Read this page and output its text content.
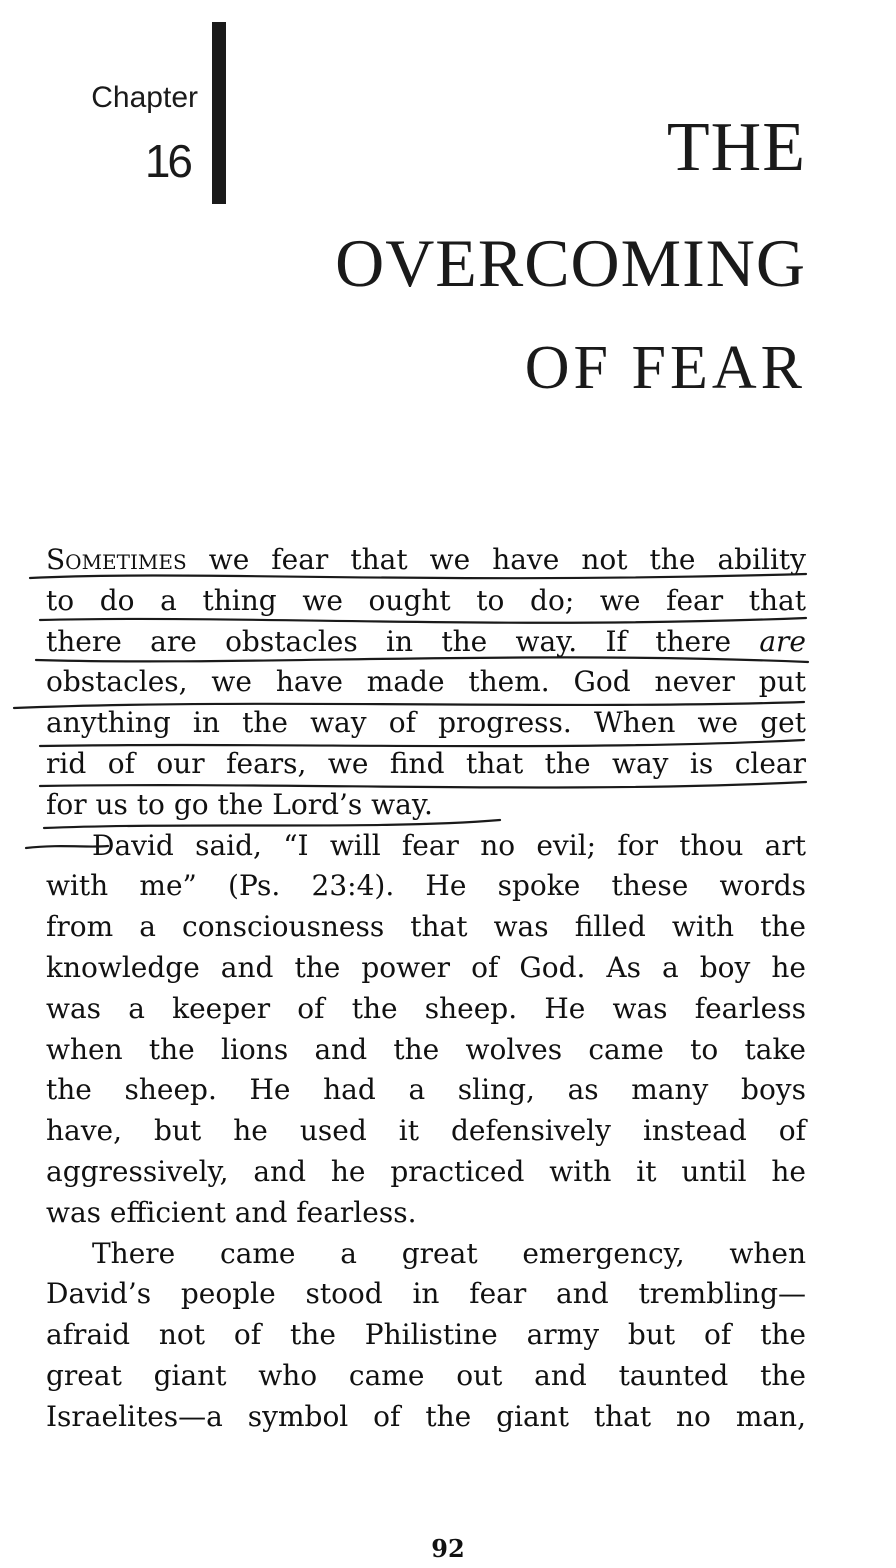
Chapter
16	THE
OVERCOMING
OF FEAR
Sometimes we fear that we have not the ability
to do a thing we ought to do; we fear that
there are obstacles in the way. If there are
obstacles, we have made them. God never put
anything in the way of progress. When we get
rid of our fears, we find that the way is clear
for us to go the Lord’s way.
David said, “I will fear no evil; for thou art
with me” (Ps. 23:4). He spoke these words
from a consciousness that was filled with the
knowledge and the power of God. As a boy he
was a keeper of the sheep. He was fearless
when the lions and the wolves came to take
the sheep. He had a sling, as many boys
have, but he used it defensively instead of
aggressively, and he practiced with it until he
was efficient and fearless.
There came a great emergency, when
David’s people stood in fear and trembling—
afraid not of the Philistine army but of the
great giant who came out and taunted the
Israelites—a symbol of the giant that no man,
92
